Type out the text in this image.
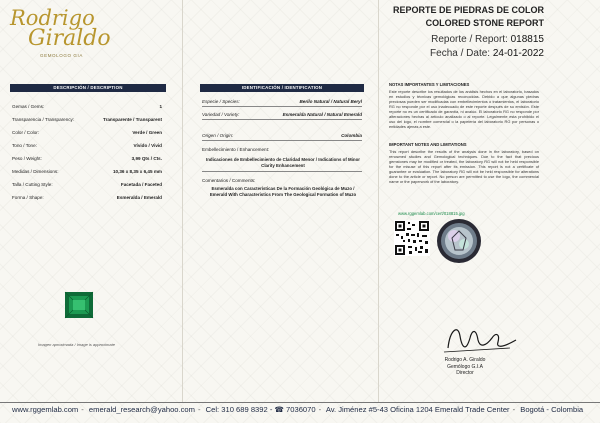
Rodrigo
Giraldo
GEMOLOGO GIA
REPORTE DE PIEDRAS DE COLOR
COLORED STONE REPORT
Reporte / Report: 018815
Fecha / Date: 24-01-2022
DESCRIPCIÓN / DESCRIPTION
Gemas / Gems:	1
Transparencia / Transparency:	Transparente / Transparent
Color / Color:	Verde / Green
Tono / Tone:	Vívido / Vivid
Peso / Weight:	3,99 Qts / Cts.
Medidas / Dimensions:	10,36 x 8,35 x 6,45 mm
Talla / Cutting Style:	Facetada / Faceted
Forma / Shape:	Esmeralda / Emerald
Imagen aproximada / Image is approximate
IDENTIFICACIÓN / IDENTIFICATION
Especie / Species:	Berilo Natural / Natural Beryl
Variedad / Variety:	Esmeralda Natural / Natural Emerald
Origen / Origin:	Colombia
Embellecimiento / Enhancement:
Indicaciones de Embellecimiento de Claridad Menor / Indications of Minor Clarity Enhancement
Comentarios / Comments:
Esmeralda con Características De la Formación Geológica de Muzo / Emerald With Characteristics From The Geological Formation of Muzo
NOTAS IMPORTANTES Y LIMITACIONES
Este reporte describe los resultados de los análisis hechos en el laboratorio, basados en estudios y técnicas gemológicas reconocidas. Debido a que algunas piedras preciosas pueden ser modificadas con embellecimientos o tratamientos, el laboratorio RG no responde por el uso inadecuado de este reporte después de su emisión. Este reporte no es un certificado de garantía, ni avalúo. El laboratorio RG no responde por alteraciones hechas al artículo analizado o al reporte. Legalmente esta prohibido el uso del logo, el nombre comercial o la papelería del laboratorio RG por personas o entidades ajenas a este.
IMPORTANT NOTES AND LIMITATIONS
This report describe the results of the analysis done in the laboratory, based on renowned studies and Gemological techniques. Due to the fact that precious gemstones may be modified or treated, the laboratory RG will not be held responsible for the misuse of this report after its emission. This report is not a certificate of guarantee or evaluation. The laboratory RG will not be held responsible for alterations done to the article or report. No person are permitted to use the logo, the commercial name or the paperwork of the laboratory.
www.rggemlab.com/cert/018815.jpg
Rodrigo A. Giraldo
Gemólogo G.I.A
Director
www.rggemlab.com - emerald_research@yahoo.com - Cel: 310 689 8392 - ☎ 7036070 - Av. Jiménez #5-43 Oficina 1204 Emerald Trade Center - Bogotá - Colombia
